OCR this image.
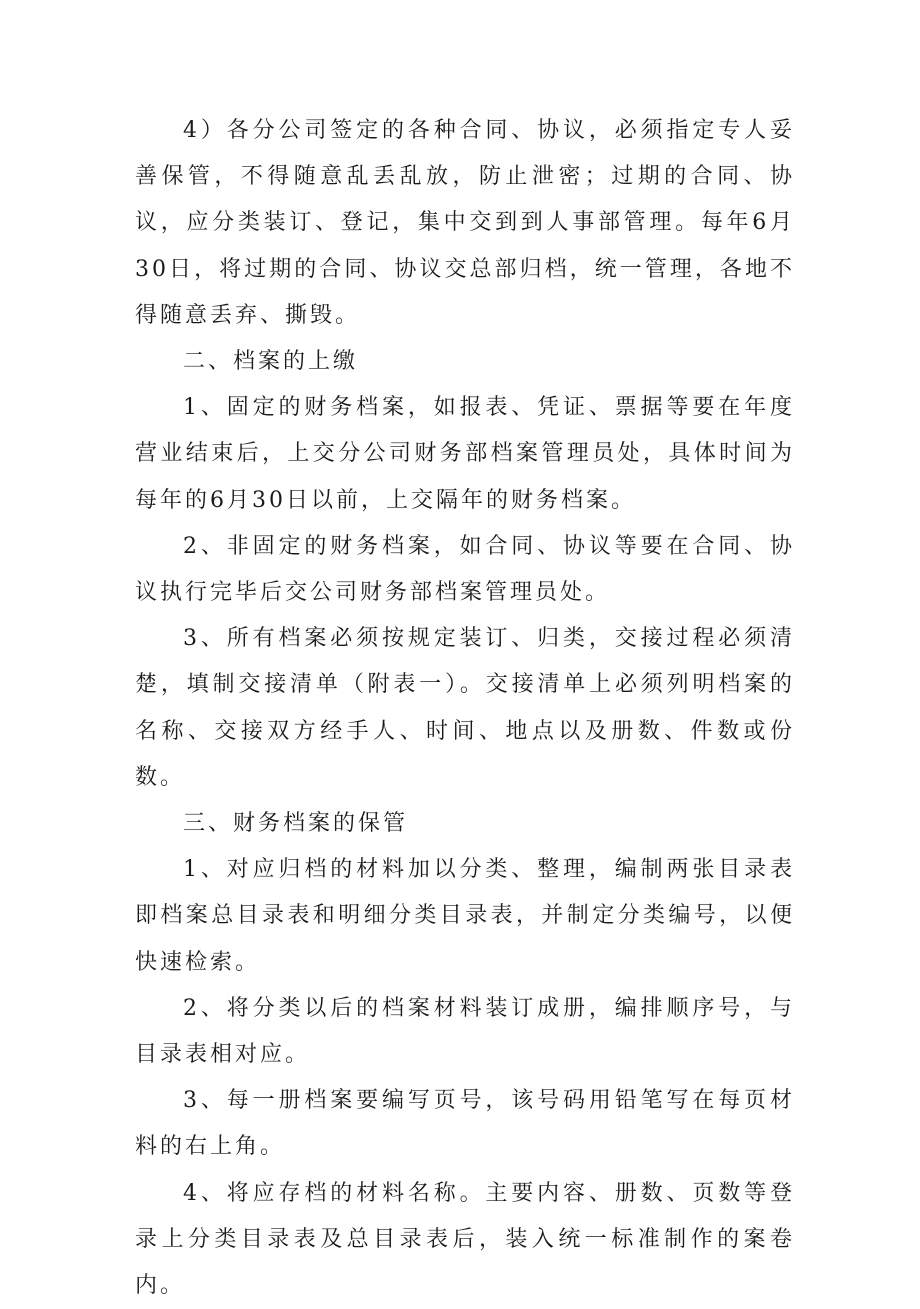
4）各分公司签定的各种合同、协议，必须指定专人妥善保管，不得随意乱丢乱放，防止泄密；过期的合同、协议，应分类装订、登记，集中交到到人事部管理。每年6月30日，将过期的合同、协议交总部归档，统一管理，各地不得随意丢弃、撕毁。

二、档案的上缴

1、固定的财务档案，如报表、凭证、票据等要在年度营业结束后，上交分公司财务部档案管理员处，具体时间为每年的6月30日以前，上交隔年的财务档案。

2、非固定的财务档案，如合同、协议等要在合同、协议执行完毕后交公司财务部档案管理员处。

3、所有档案必须按规定装订、归类，交接过程必须清楚，填制交接清单（附表一）。交接清单上必须列明档案的名称、交接双方经手人、时间、地点以及册数、件数或份数。

三、财务档案的保管

1、对应归档的材料加以分类、整理，编制两张目录表即档案总目录表和明细分类目录表，并制定分类编号，以便快速检索。

2、将分类以后的档案材料装订成册，编排顺序号，与目录表相对应。

3、每一册档案要编写页号，该号码用铅笔写在每页材料的右上角。

4、将应存档的材料名称。主要内容、册数、页数等登录上分类目录表及总目录表后，装入统一标准制作的案卷内。
